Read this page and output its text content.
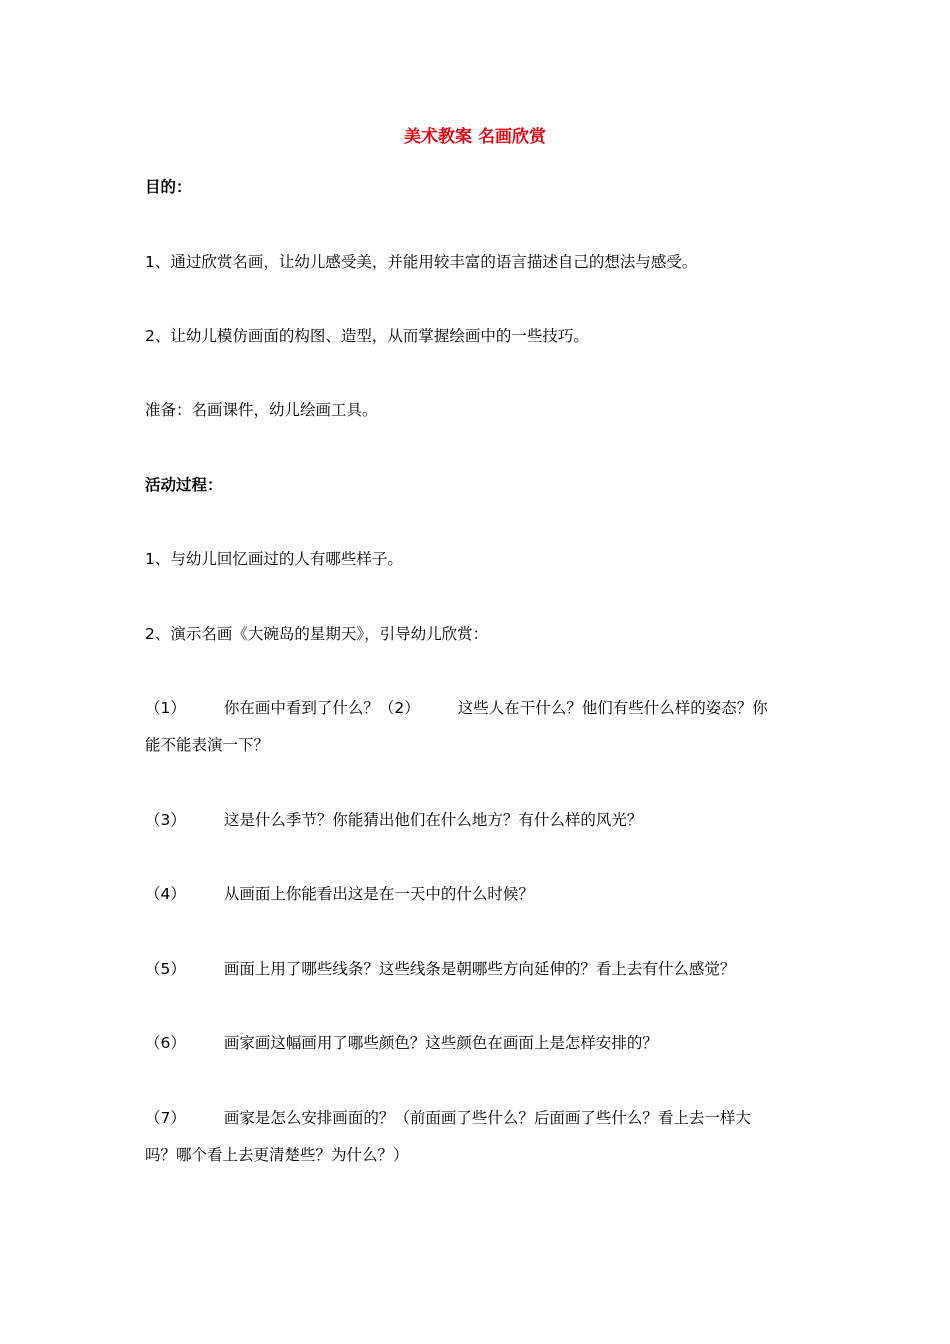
美术教案 名画欣赏
目的：
1、通过欣赏名画，让幼儿感受美，并能用较丰富的语言描述自己的想法与感受。
2、让幼儿模仿画面的构图、造型，从而掌握绘画中的一些技巧。
准备：名画课件，幼儿绘画工具。
活动过程：
1、与幼儿回忆画过的人有哪些样子。
2、演示名画《大碗岛的星期天》，引导幼儿欣赏：
（1） 你在画中看到了什么？（2） 这些人在干什么？他们有些什么样的姿态？你
能不能表演一下？
（3） 这是什么季节？你能猜出他们在什么地方？有什么样的风光？
（4） 从画面上你能看出这是在一天中的什么时候？
（5） 画面上用了哪些线条？这些线条是朝哪些方向延伸的？看上去有什么感觉？
（6） 画家画这幅画用了哪些颜色？这些颜色在画面上是怎样安排的？
（7） 画家是怎么安排画面的？（前面画了些什么？后面画了些什么？看上去一样大
吗？哪个看上去更清楚些？为什么？）
